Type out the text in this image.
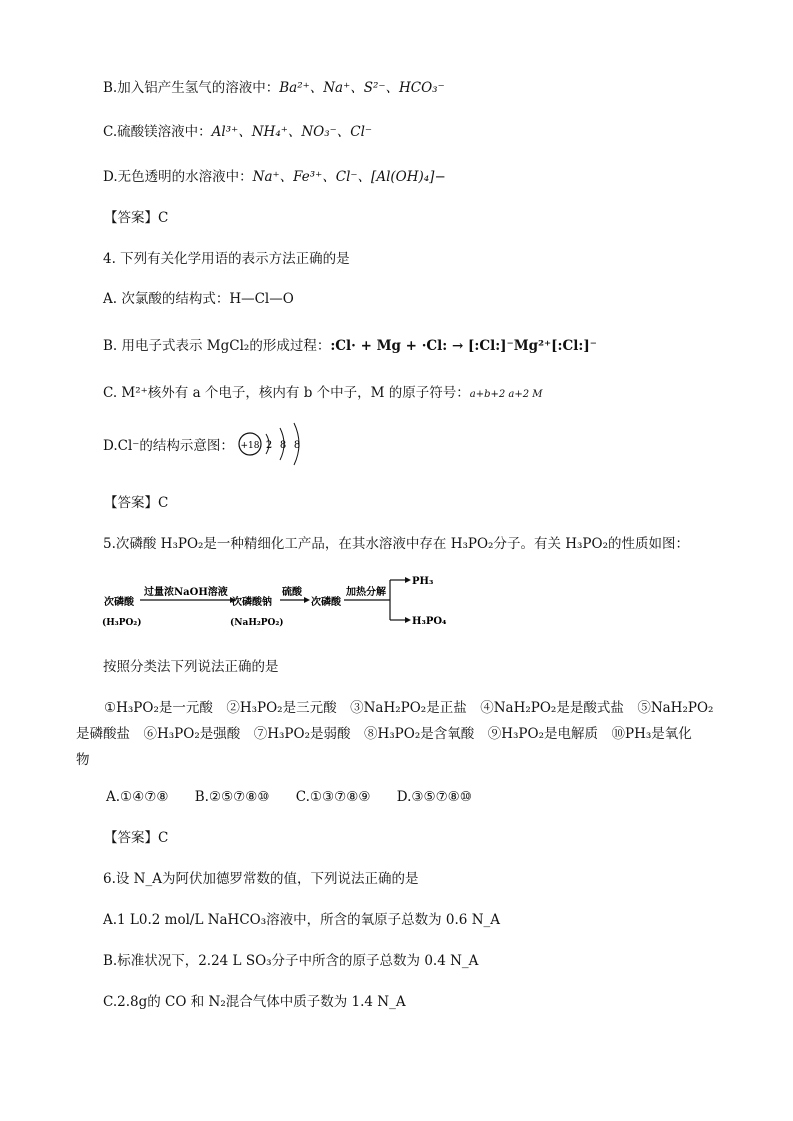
B.加入铝产生氢气的溶液中：Ba²⁺、Na⁺、S²⁻、HCO₃⁻
C.硫酸镁溶液中：Al³⁺、NH₄⁺、NO₃⁻、Cl⁻
D.无色透明的水溶液中：Na⁺、Fe³⁺、Cl⁻、[Al(OH)₄]−
【答案】C
4. 下列有关化学用语的表示方法正确的是
A. 次氯酸的结构式：H—Cl—O
B. 用电子式表示 MgCl₂的形成过程：:Cl· + Mg + ·Cl: → [:Cl:]⁻Mg²⁺[:Cl:]⁻
C. M²⁺核外有 a 个电子，核内有 b 个中子，M 的原子符号：a+b+2 a+2 M
D.Cl⁻的结构示意图： +18 2 8 8
【答案】C
5.次磷酸 H₃PO₂是一种精细化工产品，在其水溶液中存在 H₃PO₂分子。有关 H₃PO₂的性质如图：
次磷酸
(H₃PO₂)
过量浓NaOH溶液
次磷酸钠
(NaH₂PO₂)
硫酸
次磷酸
加热分解
PH₃
H₃PO₄
按照分类法下列说法正确的是
①H₃PO₂是一元酸　②H₃PO₂是三元酸　③NaH₂PO₂是正盐　④NaH₂PO₂是是酸式盐　⑤NaH₂PO₂
是磷酸盐　⑥H₃PO₂是强酸　⑦H₃PO₂是弱酸　⑧H₃PO₂是含氧酸　⑨H₃PO₂是电解质　⑩PH₃是氧化
物
A.①④⑦⑧ B.②⑤⑦⑧⑩ C.①③⑦⑧⑨ D.③⑤⑦⑧⑩
【答案】C
6.设 N_A为阿伏加德罗常数的值，下列说法正确的是
A.1 L0.2 mol/L NaHCO₃溶液中，所含的氧原子总数为 0.6 N_A
B.标准状况下，2.24 L SO₃分子中所含的原子总数为 0.4 N_A
C.2.8g的 CO 和 N₂混合气体中质子数为 1.4 N_A
